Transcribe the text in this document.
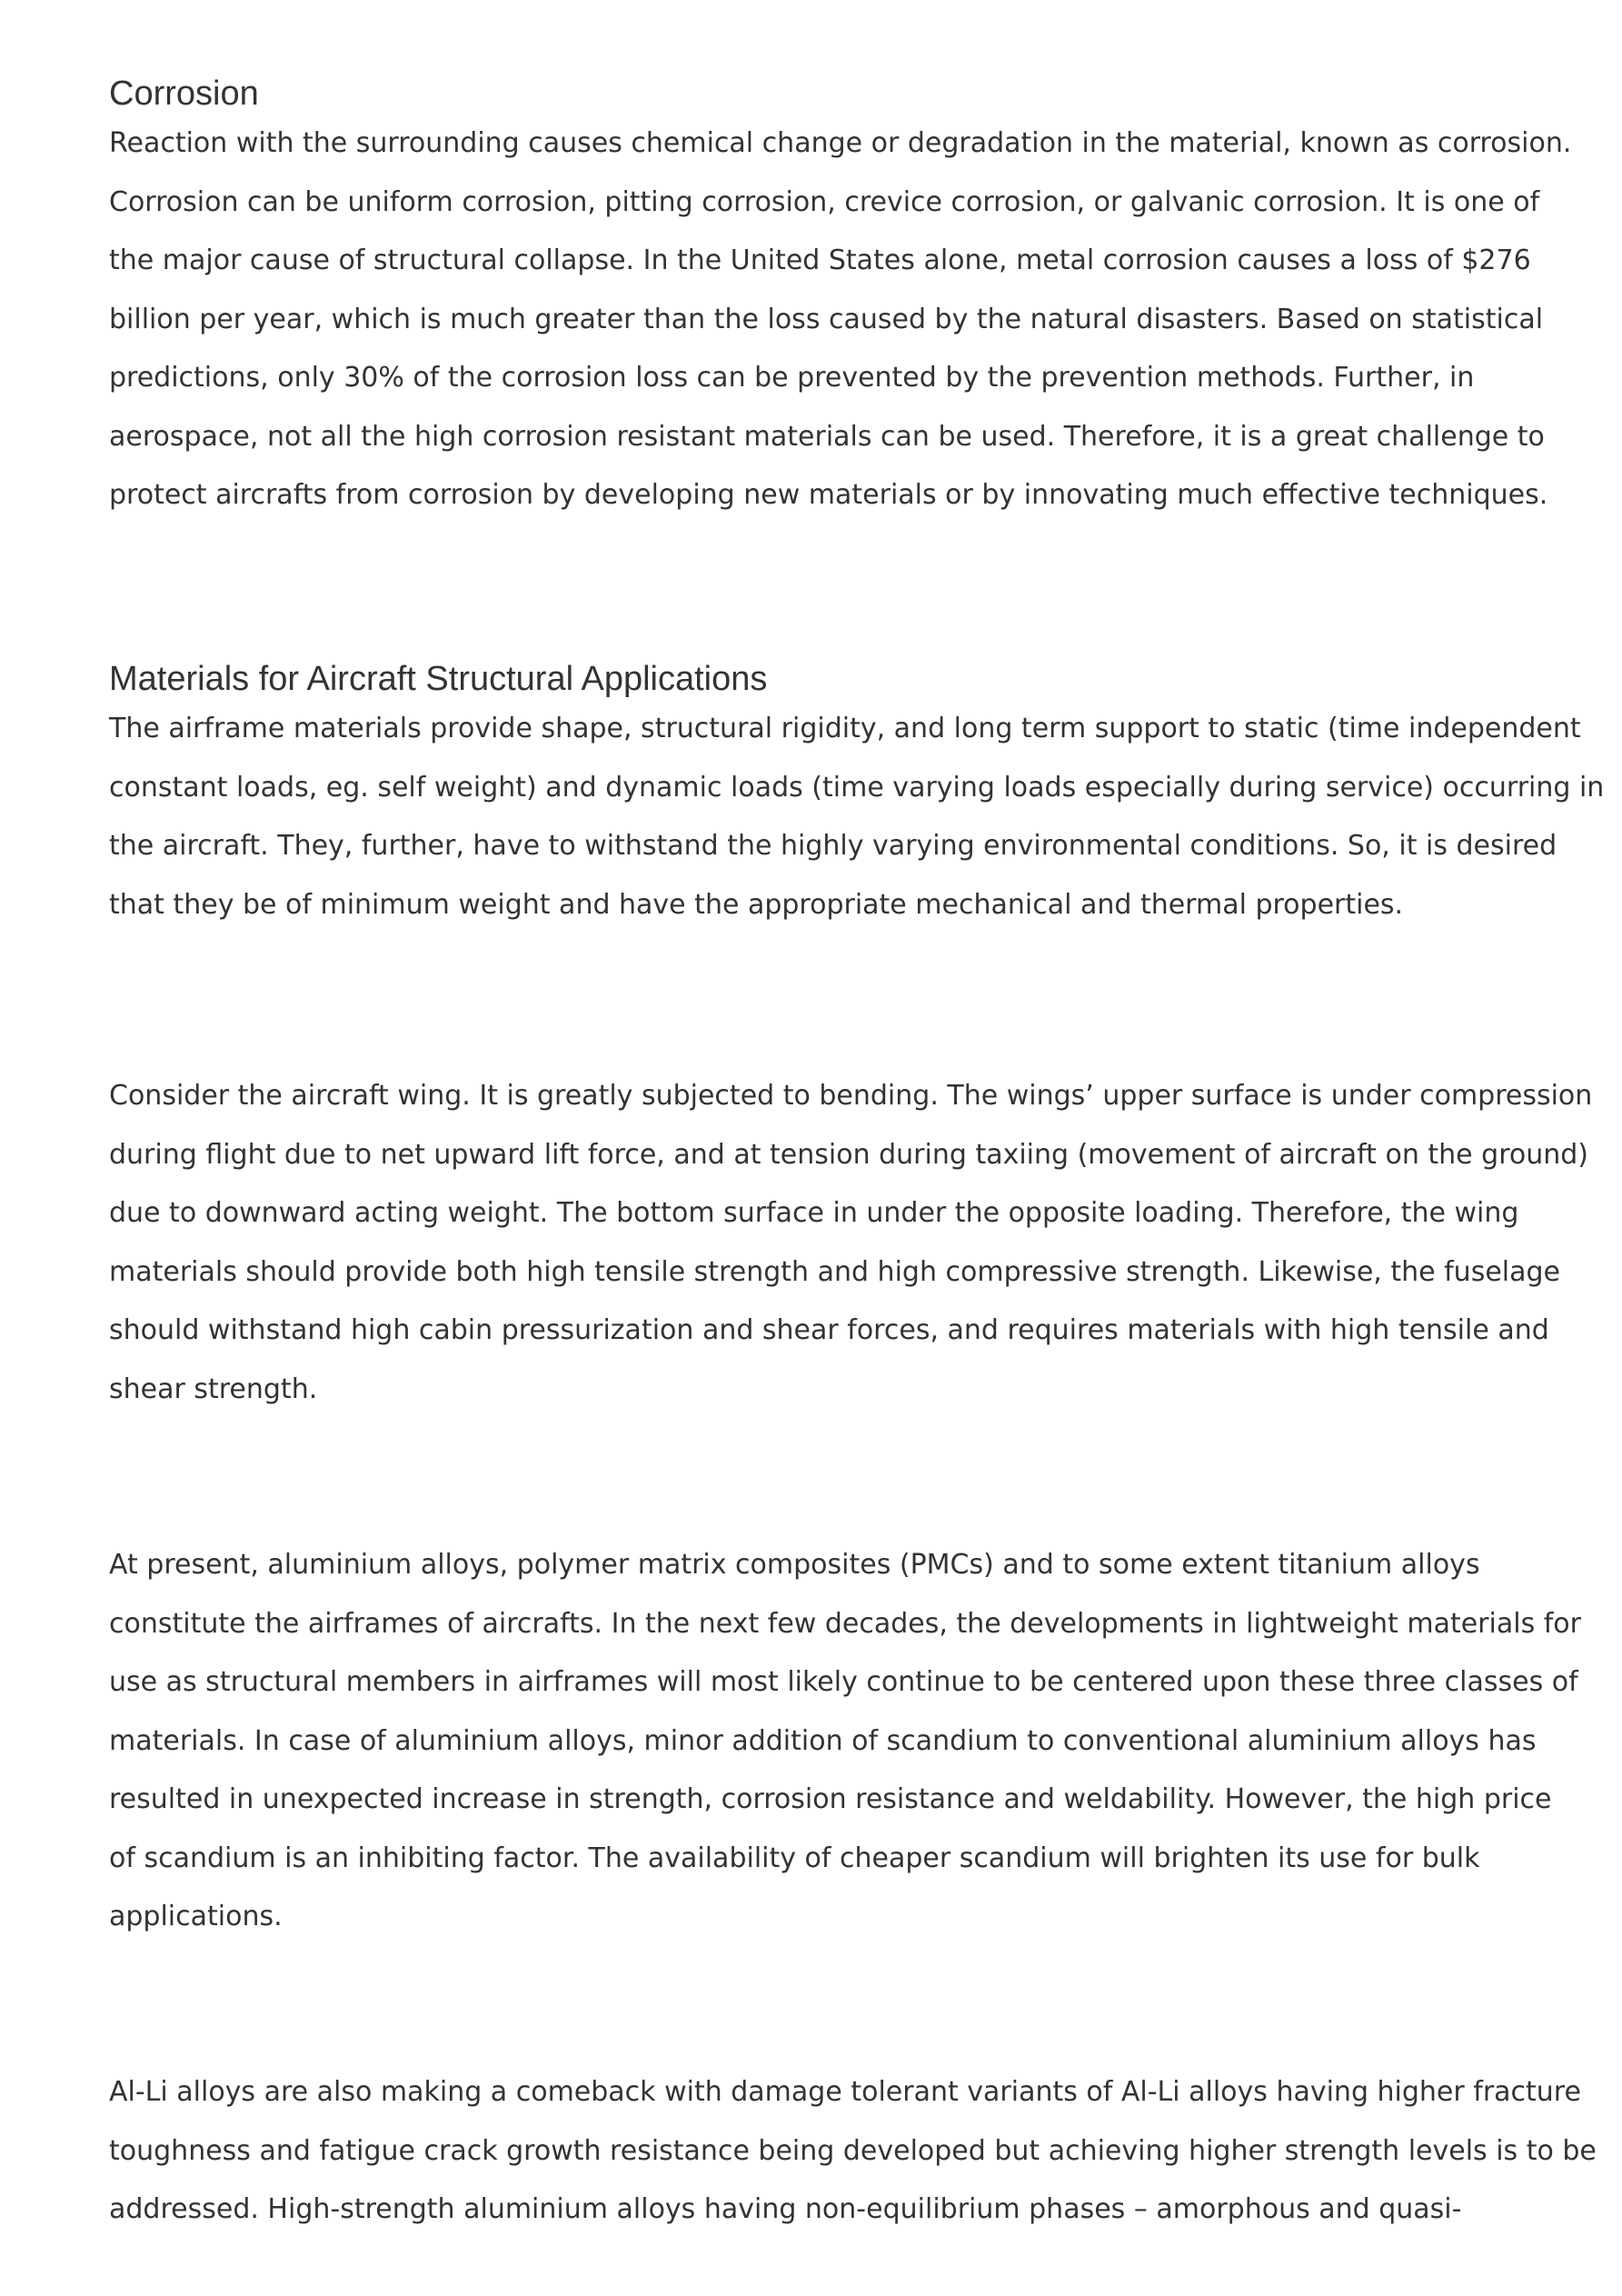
Corrosion

Reaction with the surrounding causes chemical change or degradation in the material, known as corrosion.
Corrosion can be uniform corrosion, pitting corrosion, crevice corrosion, or galvanic corrosion. It is one of
the major cause of structural collapse. In the United States alone, metal corrosion causes a loss of $276
billion per year, which is much greater than the loss caused by the natural disasters. Based on statistical
predictions, only 30% of the corrosion loss can be prevented by the prevention methods. Further, in
aerospace, not all the high corrosion resistant materials can be used. Therefore, it is a great challenge to
protect aircrafts from corrosion by developing new materials or by innovating much effective techniques.

Materials for Aircraft Structural Applications

The airframe materials provide shape, structural rigidity, and long term support to static (time independent
constant loads, eg. self weight) and dynamic loads (time varying loads especially during service) occurring in
the aircraft. They, further, have to withstand the highly varying environmental conditions. So, it is desired
that they be of minimum weight and have the appropriate mechanical and thermal properties.

Consider the aircraft wing. It is greatly subjected to bending. The wings’ upper surface is under compression
during flight due to net upward lift force, and at tension during taxiing (movement of aircraft on the ground)
due to downward acting weight. The bottom surface in under the opposite loading. Therefore, the wing
materials should provide both high tensile strength and high compressive strength. Likewise, the fuselage
should withstand high cabin pressurization and shear forces, and requires materials with high tensile and
shear strength.

At present, aluminium alloys, polymer matrix composites (PMCs) and to some extent titanium alloys
constitute the airframes of aircrafts. In the next few decades, the developments in lightweight materials for
use as structural members in airframes will most likely continue to be centered upon these three classes of
materials. In case of aluminium alloys, minor addition of scandium to conventional aluminium alloys has
resulted in unexpected increase in strength, corrosion resistance and weldability. However, the high price
of scandium is an inhibiting factor. The availability of cheaper scandium will brighten its use for bulk
applications.

Al-Li alloys are also making a comeback with damage tolerant variants of Al-Li alloys having higher fracture
toughness and fatigue crack growth resistance being developed but achieving higher strength levels is to be
addressed. High-strength aluminium alloys having non-equilibrium phases – amorphous and quasi-
